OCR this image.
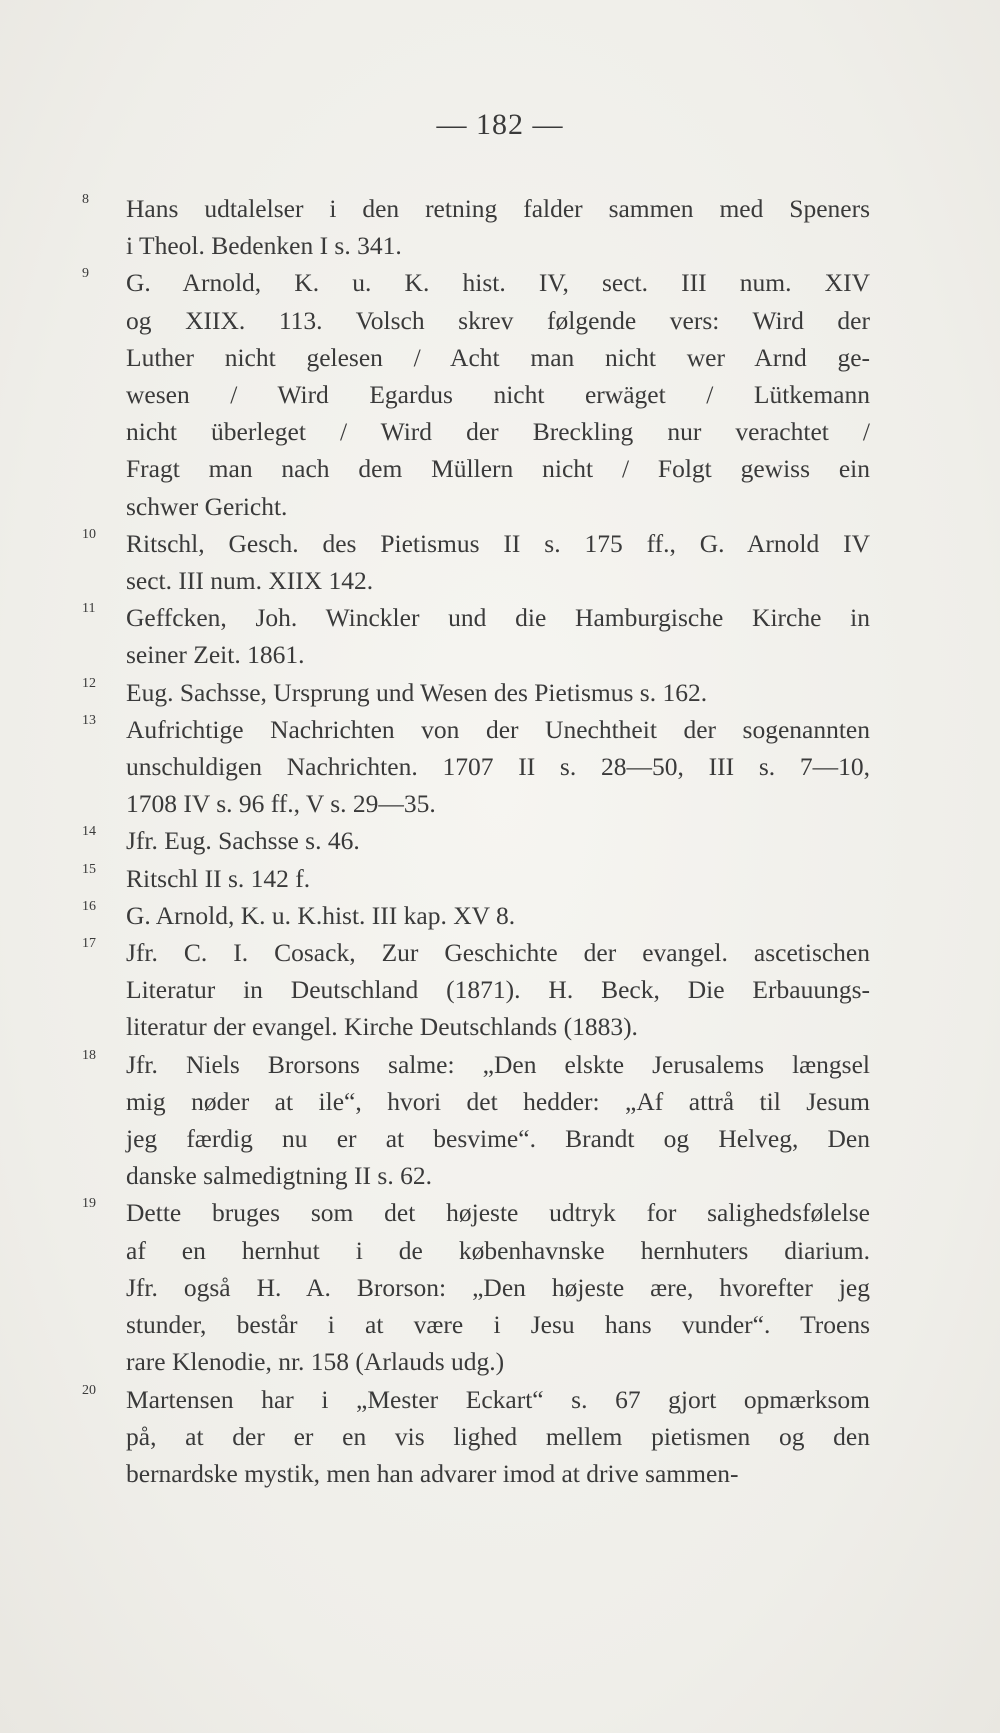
— 182 —
8	Hans udtalelser i den retning falder sammen med Speners
i Theol. Bedenken I s. 341.
9	G. Arnold, K. u. K. hist. IV, sect. III num. XIV
og XIIX. 113. Volsch skrev følgende vers: Wird der
Luther nicht gelesen / Acht man nicht wer Arnd ge-
wesen / Wird Egardus nicht erwäget / Lütkemann
nicht überleget / Wird der Breckling nur verachtet /
Fragt man nach dem Müllern nicht / Folgt gewiss ein
schwer Gericht.
10	Ritschl, Gesch. des Pietismus II s. 175 ff., G. Arnold IV
sect. III num. XIIX 142.
11	Geffcken, Joh. Winckler und die Hamburgische Kirche in
seiner Zeit. 1861.
12	Eug. Sachsse, Ursprung und Wesen des Pietismus s. 162.
13	Aufrichtige Nachrichten von der Unechtheit der sogenannten
unschuldigen Nachrichten. 1707 II s. 28—50, III s. 7—10,
1708 IV s. 96 ff., V s. 29—35.
14	Jfr. Eug. Sachsse s. 46.
15	Ritschl II s. 142 f.
16	G. Arnold, K. u. K.hist. III kap. XV 8.
17	Jfr. C. I. Cosack, Zur Geschichte der evangel. ascetischen
Literatur in Deutschland (1871). H. Beck, Die Erbauungs-
literatur der evangel. Kirche Deutschlands (1883).
18	Jfr. Niels Brorsons salme: „Den elskte Jerusalems længsel
mig nøder at ile“, hvori det hedder: „Af attrå til Jesum
jeg færdig nu er at besvime“. Brandt og Helveg, Den
danske salmedigtning II s. 62.
19	Dette bruges som det højeste udtryk for salighedsfølelse
af en hernhut i de københavnske hernhuters diarium.
Jfr. også H. A. Brorson: „Den højeste ære, hvorefter jeg
stunder, består i at være i Jesu hans vunder“. Troens
rare Klenodie, nr. 158 (Arlauds udg.)
20	Martensen har i „Mester Eckart“ s. 67 gjort opmærksom
på, at der er en vis lighed mellem pietismen og den
bernardske mystik, men han advarer imod at drive sammen-
